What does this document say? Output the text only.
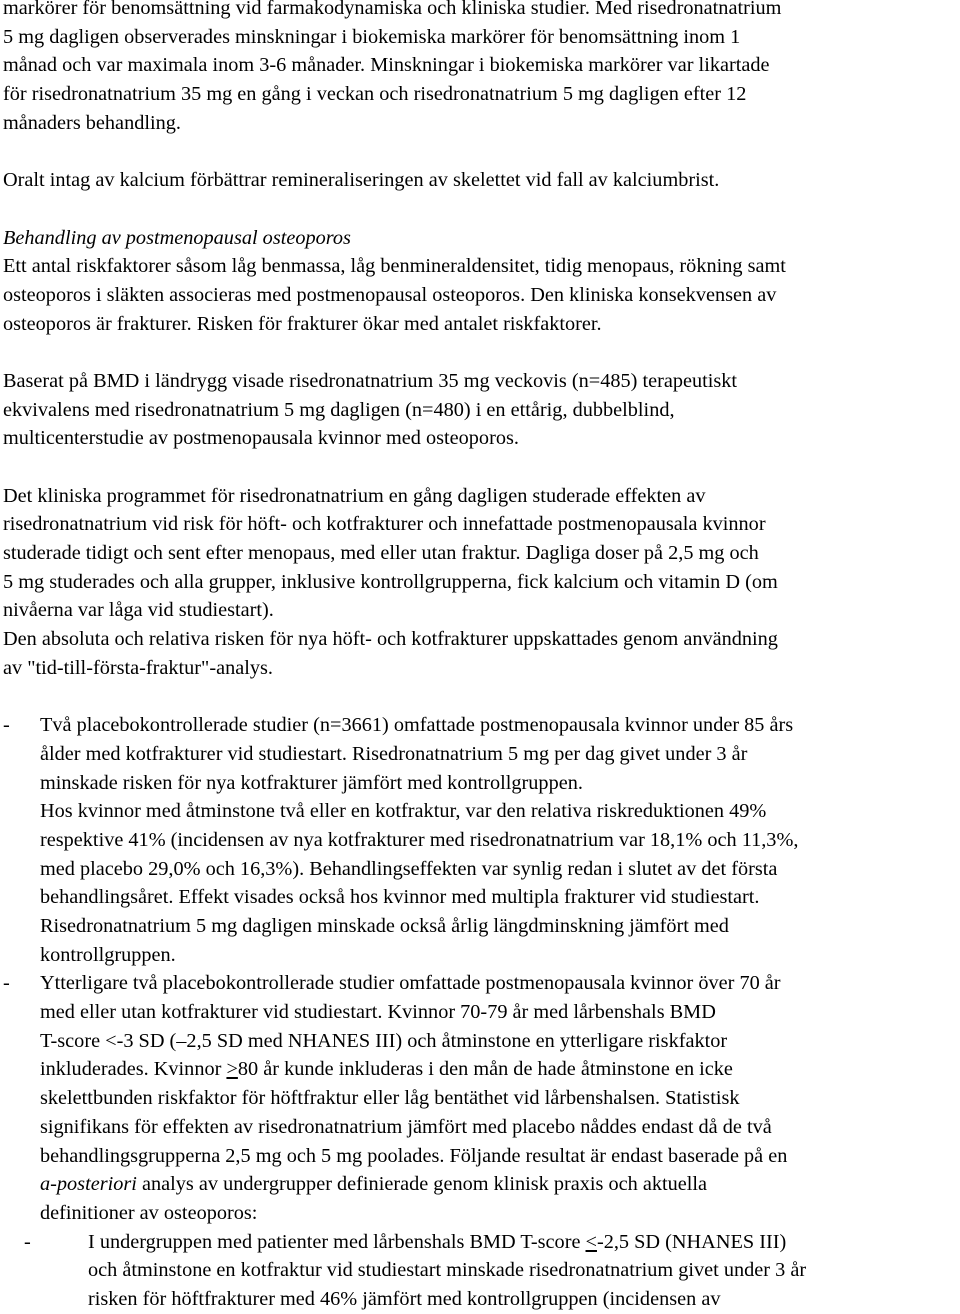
markörer för benomsättning vid farmakodynamiska och kliniska studier. Med risedronatnatrium
5 mg dagligen observerades minskningar i biokemiska markörer för benomsättning inom 1
månad och var maximala inom 3-6 månader. Minskningar i biokemiska markörer var likartade
för risedronatnatrium 35 mg en gång i veckan och risedronatnatrium 5 mg dagligen efter 12
månaders behandling.
Oralt intag av kalcium förbättrar remineraliseringen av skelettet vid fall av kalciumbrist.
Behandling av postmenopausal osteoporos
Ett antal riskfaktorer såsom låg benmassa, låg benmineraldensitet, tidig menopaus, rökning samt
osteoporos i släkten associeras med postmenopausal osteoporos. Den kliniska konsekvensen av
osteoporos är frakturer. Risken för frakturer ökar med antalet riskfaktorer.
Baserat på BMD i ländrygg visade risedronatnatrium 35 mg veckovis (n=485) terapeutiskt
ekvivalens med risedronatnatrium 5 mg dagligen (n=480) i en ettårig, dubbelblind,
multicenterstudie av postmenopausala kvinnor med osteoporos.
Det kliniska programmet för risedronatnatrium en gång dagligen studerade effekten av
risedronatnatrium vid risk för höft- och kotfrakturer och innefattade postmenopausala kvinnor
studerade tidigt och sent efter menopaus, med eller utan fraktur. Dagliga doser på 2,5 mg och
5 mg studerades och alla grupper, inklusive kontrollgrupperna, fick kalcium och vitamin D (om
nivåerna var låga vid studiestart).
Den absoluta och relativa risken för nya höft- och kotfrakturer uppskattades genom användning
av "tid-till-första-fraktur"-analys.
-	Två placebokontrollerade studier (n=3661) omfattade postmenopausala kvinnor under 85 års
ålder med kotfrakturer vid studiestart. Risedronatnatrium 5 mg per dag givet under 3 år
minskade risken för nya kotfrakturer jämfört med kontrollgruppen.
Hos kvinnor med åtminstone två eller en kotfraktur, var den relativa riskreduktionen 49%
respektive 41% (incidensen av nya kotfrakturer med risedronatnatrium var 18,1% och 11,3%,
med placebo 29,0% och 16,3%). Behandlingseffekten var synlig redan i slutet av det första
behandlingsåret. Effekt visades också hos kvinnor med multipla frakturer vid studiestart.
Risedronatnatrium 5 mg dagligen minskade också årlig längdminskning jämfört med
kontrollgruppen.
-	Ytterligare två placebokontrollerade studier omfattade postmenopausala kvinnor över 70 år
med eller utan kotfrakturer vid studiestart. Kvinnor 70-79 år med lårbenshals BMD
T-score <-3 SD (–2,5 SD med NHANES III) och åtminstone en ytterligare riskfaktor
inkluderades. Kvinnor ≥80 år kunde inkluderas i den mån de hade åtminstone en icke
skelettbunden riskfaktor för höftfraktur eller låg bentäthet vid lårbenshalsen. Statistisk
signifikans för effekten av risedronatnatrium jämfört med placebo nåddes endast då de två
behandlingsgrupperna 2,5 mg och 5 mg poolades. Följande resultat är endast baserade på en
a-posteriori analys av undergrupper definierade genom klinisk praxis och aktuella
definitioner av osteoporos:
-	I undergruppen med patienter med lårbenshals BMD T-score ≤-2,5 SD (NHANES III)
och åtminstone en kotfraktur vid studiestart minskade risedronatnatrium givet under 3 år
risken för höftfrakturer med 46% jämfört med kontrollgruppen (incidensen av
